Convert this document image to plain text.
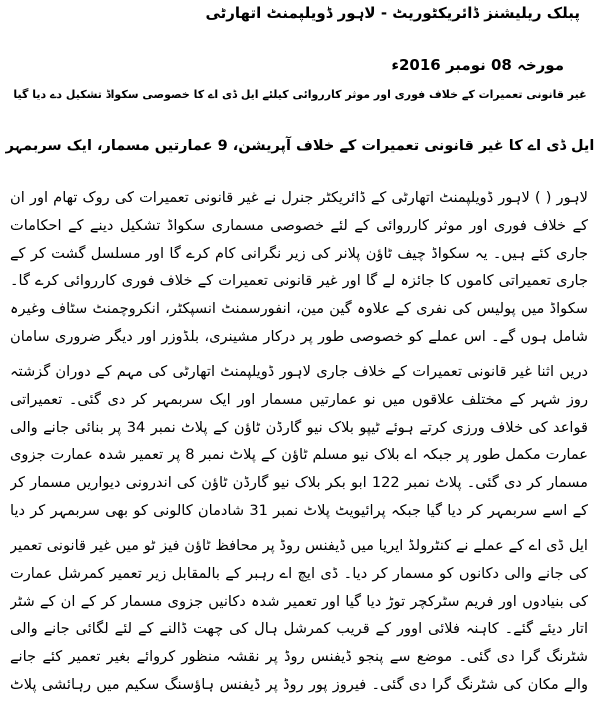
پبلک ریلیشنز ڈائریکٹوریٹ - لاہور ڈویلپمنٹ اتھارٹی
مورخہ 08 نومبر 2016ء
غیر قانونی تعمیرات کے خلاف فوری اور موثر کارروائی کیلئے ایل ڈی اے کا خصوصی سکواڈ تشکیل دے دیا گیا
ایل ڈی اے کا غیر قانونی تعمیرات کے خلاف آپریشن، 9 عمارتیں مسمار، ایک سربمہر
لاہور ( ) لاہور ڈویلپمنٹ اتھارٹی کے ڈائریکٹر جنرل نے غیر قانونی تعمیرات کی روک تھام اور ان کے خلاف فوری اور موثر کارروائی کے لئے خصوصی مسماری سکواڈ تشکیل دینے کے احکامات جاری کئے ہیں۔ یہ سکواڈ چیف ٹاؤن پلانر کی زیر نگرانی کام کرے گا اور مسلسل گشت کر کے جاری تعمیراتی کاموں کا جائزہ لے گا اور غیر قانونی تعمیرات کے خلاف فوری کارروائی کرے گا۔ سکواڈ میں پولیس کی نفری کے علاوہ گین مین، انفورسمنٹ انسپکٹر، انکروچمنٹ سٹاف وغیرہ شامل ہوں گے۔ اس عملے کو خصوصی طور پر درکار مشینری، بلڈوزر اور دیگر ضروری سامان
دریں اثنا غیر قانونی تعمیرات کے خلاف جاری لاہور ڈویلپمنٹ اتھارٹی کی مہم کے دوران گزشتہ روز شہر کے مختلف علاقوں میں نو عمارتیں مسمار اور ایک سربمہر کر دی گئی۔ تعمیراتی قواعد کی خلاف ورزی کرتے ہوئے ٹیپو بلاک نیو گارڈن ٹاؤن کے پلاٹ نمبر 34 پر بنائی جانے والی عمارت مکمل طور پر جبکہ اے بلاک نیو مسلم ٹاؤن کے پلاٹ نمبر 8 پر تعمیر شدہ عمارت جزوی مسمار کر دی گئی۔ پلاٹ نمبر 122 ابو بکر بلاک نیو گارڈن ٹاؤن کی اندرونی دیواریں مسمار کر کے اسے سربمہر کر دیا گیا جبکہ پرائیویٹ پلاٹ نمبر 31 شادمان کالونی کو بھی سربمہر کر دیا
ایل ڈی اے کے عملے نے کنٹرولڈ ایریا میں ڈیفنس روڈ پر محافظ ٹاؤن فیز ٹو میں غیر قانونی تعمیر کی جانے والی دکانوں کو مسمار کر دیا۔ ڈی ایچ اے رہبر کے بالمقابل زیر تعمیر کمرشل عمارت کی بنیادوں اور فریم سٹرکچر توڑ دیا گیا اور تعمیر شدہ دکانیں جزوی مسمار کر کے ان کے شٹر اتار دیئے گئے۔ کاہنہ فلائی اوور کے قریب کمرشل ہال کی چھت ڈالنے کے لئے لگائی جانے والی شٹرنگ گرا دی گئی۔ موضع سے پنجو ڈیفنس روڈ پر نقشہ منظور کروائے بغیر تعمیر کئے جانے والے مکان کی شٹرنگ گرا دی گئی۔ فیروز پور روڈ پر ڈیفنس ہاؤسنگ سکیم میں رہائشی پلاٹ
